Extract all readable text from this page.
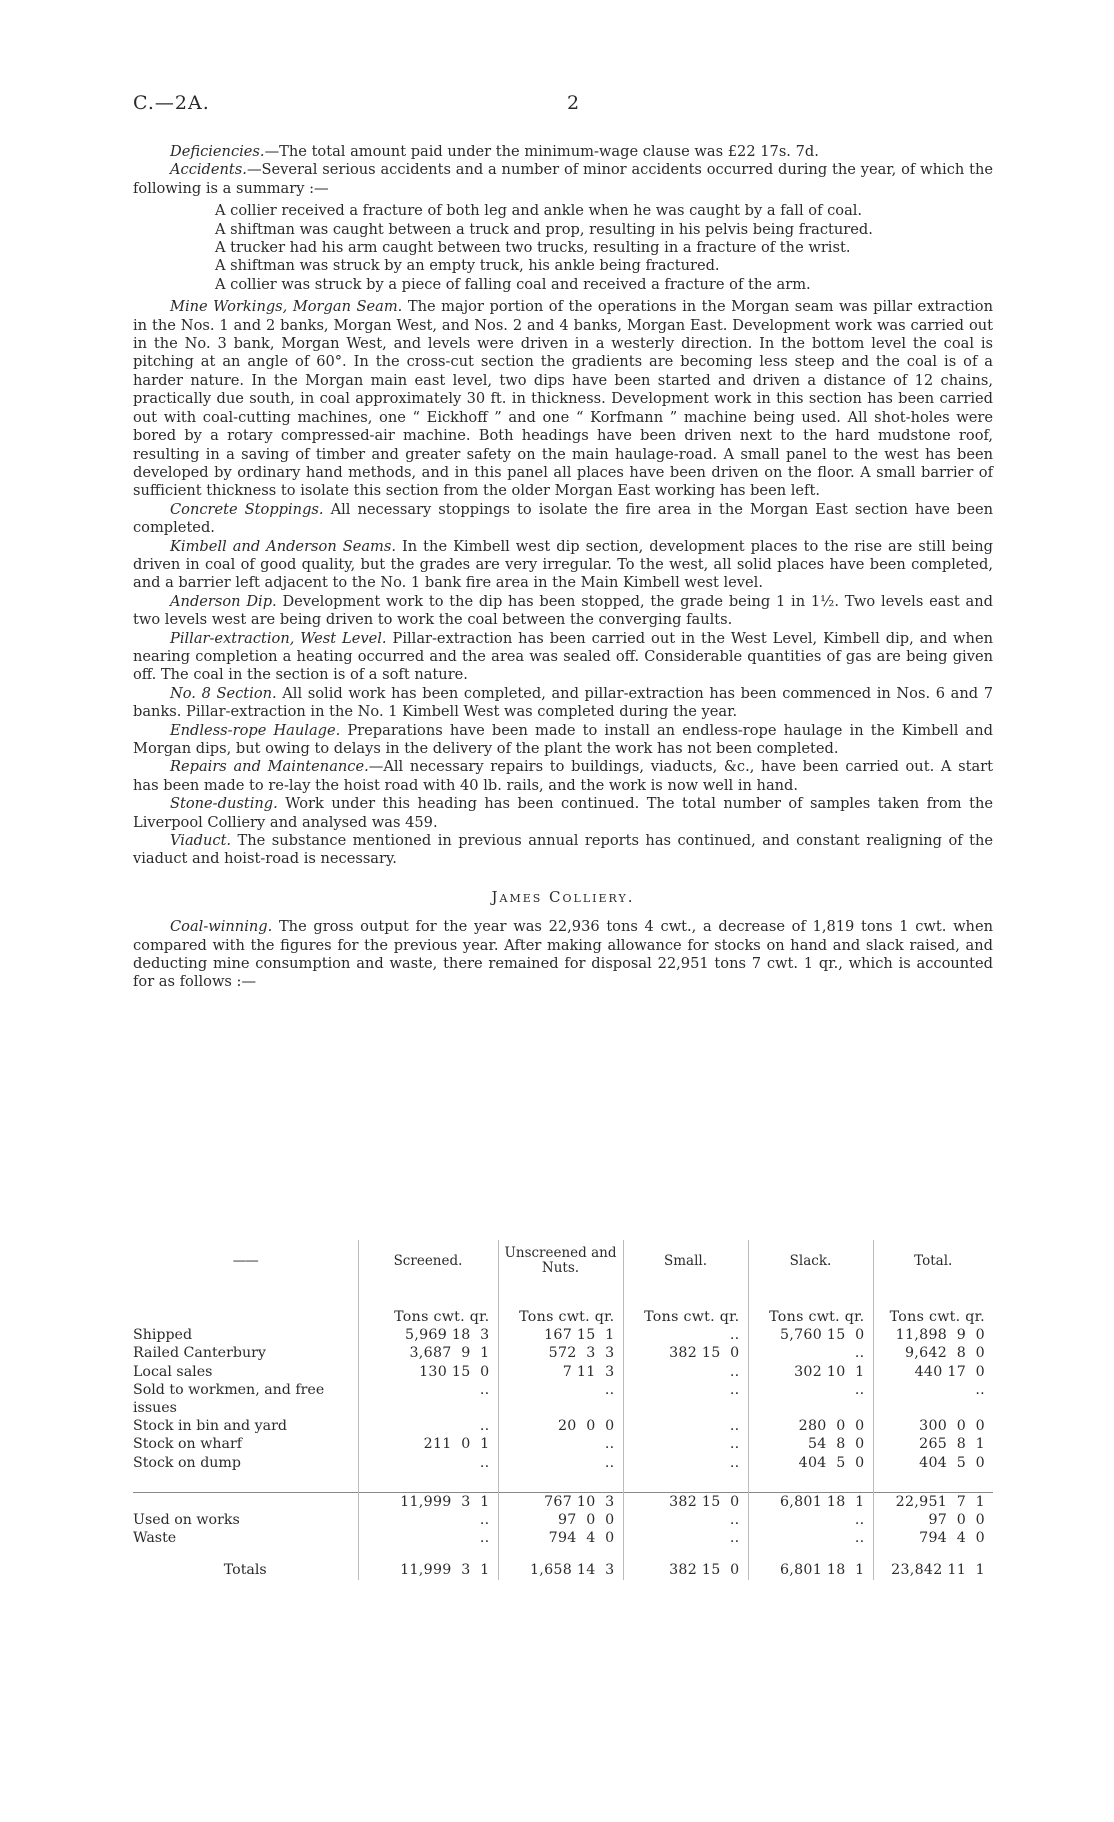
C.—2A.	2

Deficiencies.—The total amount paid under the minimum-wage clause was £22 17s. 7d.

Accidents.—Several serious accidents and a number of minor accidents occurred during the year, of which the following is a summary :—

A collier received a fracture of both leg and ankle when he was caught by a fall of coal.
A shiftman was caught between a truck and prop, resulting in his pelvis being fractured.
A trucker had his arm caught between two trucks, resulting in a fracture of the wrist.
A shiftman was struck by an empty truck, his ankle being fractured.
A collier was struck by a piece of falling coal and received a fracture of the arm.

Mine Workings, Morgan Seam. The major portion of the operations in the Morgan seam was pillar extraction in the Nos. 1 and 2 banks, Morgan West, and Nos. 2 and 4 banks, Morgan East. Development work was carried out in the No. 3 bank, Morgan West, and levels were driven in a westerly direction. In the bottom level the coal is pitching at an angle of 60°. In the cross-cut section the gradients are becoming less steep and the coal is of a harder nature. In the Morgan main east level, two dips have been started and driven a distance of 12 chains, practically due south, in coal approximately 30 ft. in thickness. Development work in this section has been carried out with coal-cutting machines, one “ Eickhoff ” and one “ Korfmann ” machine being used. All shot-holes were bored by a rotary compressed-air machine. Both headings have been driven next to the hard mudstone roof, resulting in a saving of timber and greater safety on the main haulage-road. A small panel to the west has been developed by ordinary hand methods, and in this panel all places have been driven on the floor. A small barrier of sufficient thickness to isolate this section from the older Morgan East working has been left.

Concrete Stoppings. All necessary stoppings to isolate the fire area in the Morgan East section have been completed.

Kimbell and Anderson Seams. In the Kimbell west dip section, development places to the rise are still being driven in coal of good quality, but the grades are very irregular. To the west, all solid places have been completed, and a barrier left adjacent to the No. 1 bank fire area in the Main Kimbell west level.

Anderson Dip. Development work to the dip has been stopped, the grade being 1 in 1½. Two levels east and two levels west are being driven to work the coal between the converging faults.

Pillar-extraction, West Level. Pillar-extraction has been carried out in the West Level, Kimbell dip, and when nearing completion a heating occurred and the area was sealed off. Considerable quantities of gas are being given off. The coal in the section is of a soft nature.

No. 8 Section. All solid work has been completed, and pillar-extraction has been commenced in Nos. 6 and 7 banks. Pillar-extraction in the No. 1 Kimbell West was completed during the year.

Endless-rope Haulage. Preparations have been made to install an endless-rope haulage in the Kimbell and Morgan dips, but owing to delays in the delivery of the plant the work has not been completed.

Repairs and Maintenance.—All necessary repairs to buildings, viaducts, &c., have been carried out. A start has been made to re-lay the hoist road with 40 lb. rails, and the work is now well in hand.

Stone-dusting. Work under this heading has been continued. The total number of samples taken from the Liverpool Colliery and analysed was 459.

Viaduct. The substance mentioned in previous annual reports has continued, and constant realigning of the viaduct and hoist-road is necessary.

James Colliery.

Coal-winning. The gross output for the year was 22,936 tons 4 cwt., a decrease of 1,819 tons 1 cwt. when compared with the figures for the previous year. After making allowance for stocks on hand and slack raised, and deducting mine consumption and waste, there remained for disposal 22,951 tons 7 cwt. 1 qr., which is accounted for as follows :—

——	Screened.	Unscreened and Nuts.	Small.	Slack.	Total.

	Tons cwt. qr.	Tons cwt. qr.	Tons cwt. qr.	Tons cwt. qr.	Tons cwt. qr.

Shipped	5,969 18  3	167 15  1	..	5,760 15  0	11,898  9  0

Railed Canterbury	3,687  9  1	572  3  3	382 15  0	..	9,642  8  0

Local sales	130 15  0	7 11  3	..	302 10  1	440 17  0

Sold to workmen, and free issues	..	..	..	..	..

Stock in bin and yard	..	20  0  0	..	280  0  0	300  0  0

Stock on wharf	211  0  1	..	..	54  8  0	265  8  1

Stock on dump	..	..	..	404  5  0	404  5  0

	11,999  3  1	767 10  3	382 15  0	6,801 18  1	22,951  7  1

Used on works	..	97  0  0	..	..	97  0  0

Waste	..	794  4  0	..	..	794  4  0

Totals	11,999  3  1	1,658 14  3	382 15  0	6,801 18  1	23,842 11  1
